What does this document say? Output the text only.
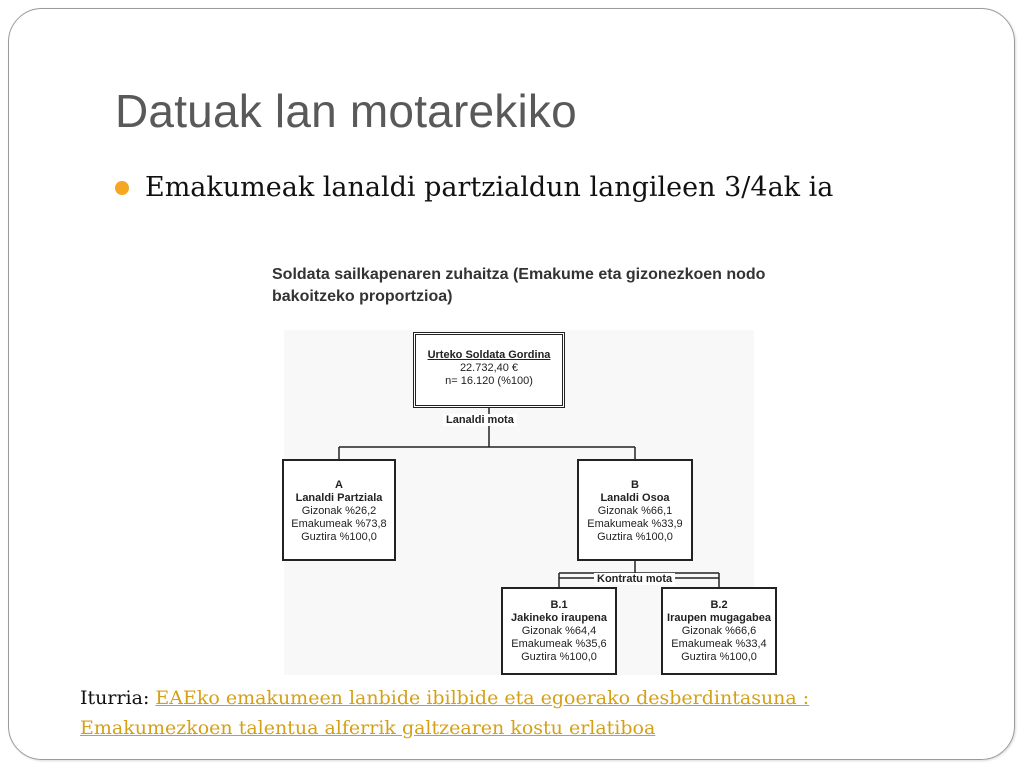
Datuak lan motarekiko
Emakumeak lanaldi partzialdun langileen 3/4ak ia
Soldata sailkapenaren zuhaitza (Emakume eta gizonezkoen nodo bakoitzeko proportzioa)
Lanaldi mota
Kontratu mota
Urteko Soldata Gordina
22.732,40 €
n= 16.120 (%100)
A
Lanaldi Partziala
Gizonak %26,2
Emakumeak %73,8
Guztira %100,0
B
Lanaldi Osoa
Gizonak %66,1
Emakumeak %33,9
Guztira %100,0
B.1
Jakineko iraupena
Gizonak %64,4
Emakumeak %35,6
Guztira %100,0
B.2
Iraupen mugagabea
Gizonak %66,6
Emakumeak %33,4
Guztira %100,0
Iturria: EAEko emakumeen lanbide ibilbide eta egoerako desberdintasuna : Emakumezkoen talentua alferrik galtzearen kostu erlatiboa
